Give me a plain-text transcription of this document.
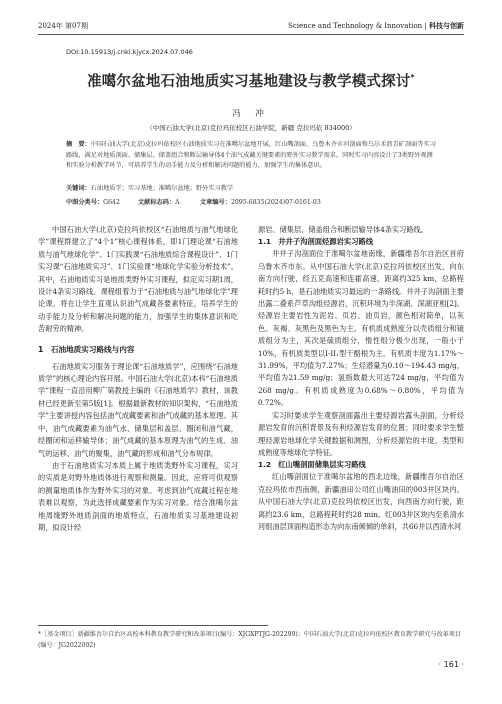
2024年 第07期	Science and Technology & Innovation | 科技与创新
DOI:10.15913/j.cnki.kjycx.2024.07.046
准噶尔盆地石油地质实习基地建设与教学模式探讨*
冯 冲
（中国石油大学(北京)克拉玛依校区石油学院，新疆 克拉玛依 834000）
摘　要：中国石油大学(北京)克拉玛依校区石油地质实习在准噶尔盆地开展，红山嘴剖面、乌鲁木齐市河剖面和乌尔禾沥青矿剖面等实习路线，满足对地质剖面、储集层、储盖组合和断层输导体4个油气成藏关键要素的野外实习教学需求。同时实习内容设计了3类野外观测和实验分析教学环节，可培养学生的动手能力及分析和解决问题的能力，加强学生的集体意识。
关键词：石油地质学；实习基地；准噶尔盆地；野外实习教学
中图分类号：G642	文献标志码：A	文章编号：2095-6835(2024)07-0161-03

中国石油大学(北京)克拉玛依校区“石油地质与油气地球化学”课程群建立了“4个1”核心课程体系，即1门理论课“石油地质与油气地球化学”、1门实践课“石油地质综合课程设计”、1门实习课“石油地质实习”、1门实验课“地球化学实验分析技术”。其中，石油地质实习是地质类野外实习课程，拟定实习期1周，设计4条实习路线。课程组着力于“石油地质与油气地球化学”理论课，将在让学生直观认识油气成藏各要素特征，培养学生的动手能力及分析和解决问题的能力，加强学生的集体意识和吃苦耐劳的精神。

1　石油地质实习路线与内容

石油地质实习服务于理论课“石油地质学”，应围绕“石油地质学”的核心理论内容开展。中国石油大学(北京)本科“石油地质学”课程一直沿用柳广第教授主编的《石油地质学》教材，该教材已经更新至第5版[1]。根据最新教材的知识架构，“石油地质学”主要讲授内容包括油气成藏要素和油气成藏的基本原理。其中，油气成藏要素为油气水、储集层和盖层、圈闭和油气藏，经圈闭和运移输导体；油气成藏的基本原理为油气的生成、油气的运移、油气的聚集，油气藏的形成和油气分布规律。

由于石油地质实习本质上属于地质类野外实习课程，实习的实质是对野外地质体进行观察和测量。因此，应将可供观察的测量地质体作为野外实习的对象。考虑到油气成藏过程在地表难以观察，为此选择成藏要素作为实习对象。结合准噶尔盆地周缘野外地质剖面的地质特点，石油地质实习基地建设初期，拟设计经

源岩、储集层、储盖组合和断层输导体4条实习路线。

1.1　井井子沟剖面烃源岩实习路线

井井子沟剖面位于准噶尔盆地南缘，新疆维吾尔自治区首府乌鲁木齐市东。从中国石油大学(北京)克拉玛依校区出发，向东南方向行驶，经五克高速和连霍高速，距离约325 km，总路程耗时约5 h，是石油地质实习最远的一条路线。井井子沟剖面主要出露二叠系芦草沟组烃源岩，沉积环境为半深湖、深湖亚相[2]。烃源岩主要岩性为泥岩、页岩、油页岩，颜色相对简单，以灰色、灰褐、灰黑色及黑色为主。有机质成熟度分以壳质组分和镜质组分为主，其次是硫质组分，惰性组分极少出现，一般小于10%，有机质类型以I-II₁型干酪根为主。有机质丰度为1.17%～31.99%，平均值为7.27%；生烃潜量为0.10～194.43 mg/g，平均值为21.59 mg/g；氢指数最大可达724 mg/g，平均值为268 mg/g。有机质成熟度为0.68%～0.80%，平均值为0.72%。

实习时要求学生观察剖面露出主要烃源岩露头剖面，分析烃源岩发育的沉积背景及有利烃源岩发育的位置；同时要求学生整理烃源岩地球化学关键数据和测图，分析烃源岩的丰度、类型和成熟度等地球化学特征。

1.2　红山嘴剖面储集层实习路线

红山嘴剖面位于准噶尔盆地的西北边缘，新疆维吾尔自治区克拉玛依市西南侧，新疆油田公司红山嘴油田的003井区块内。从中国石油大学(北京)克拉玛依校区出发，向西南方向行驶，距离约23.6 km，总路程耗时约28 min。红003井区块内至系清水河组油层顶面构造形态为向东南倾倾的单斜，共66井以西清水河

*［基金项目］新疆维吾尔自治区高校本科教育教学研究和改革项目(编号：XJGXPTJG-202299)；中国石油大学(北京)克拉玛依校区教育教学研究与改革项目(编号：JG2022002)
· 161 ·
